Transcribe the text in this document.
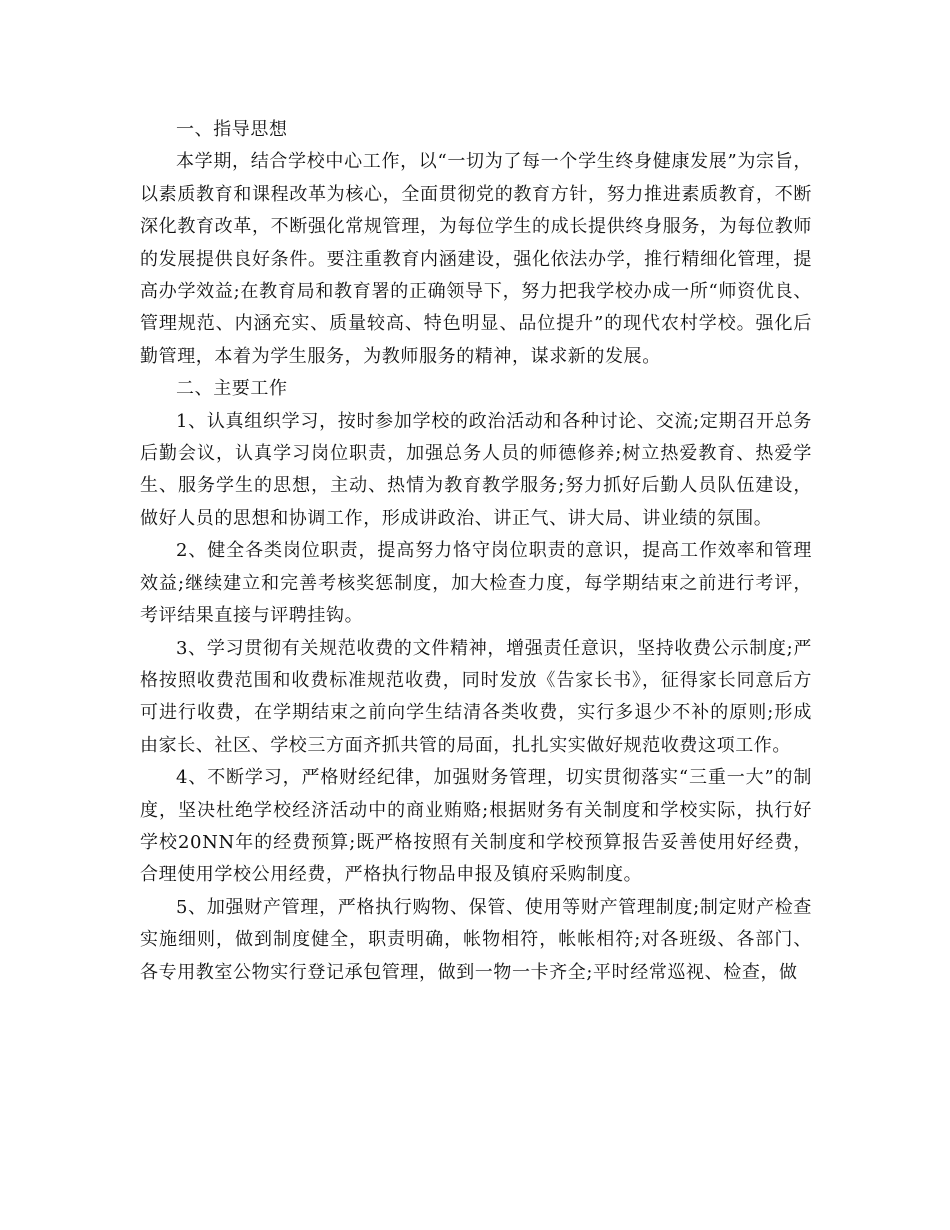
一、指导思想

本学期，结合学校中心工作，以“一切为了每一个学生终身健康发展”为宗旨，以素质教育和课程改革为核心，全面贯彻党的教育方针，努力推进素质教育，不断深化教育改革，不断强化常规管理，为每位学生的成长提供终身服务，为每位教师的发展提供良好条件。要注重教育内涵建设，强化依法办学，推行精细化管理，提高办学效益;在教育局和教育署的正确领导下，努力把我学校办成一所“师资优良、管理规范、内涵充实、质量较高、特色明显、品位提升”的现代农村学校。强化后勤管理，本着为学生服务，为教师服务的精神，谋求新的发展。

二、主要工作

1、认真组织学习，按时参加学校的政治活动和各种讨论、交流;定期召开总务后勤会议，认真学习岗位职责，加强总务人员的师德修养;树立热爱教育、热爱学生、服务学生的思想，主动、热情为教育教学服务;努力抓好后勤人员队伍建设，做好人员的思想和协调工作，形成讲政治、讲正气、讲大局、讲业绩的氛围。

2、健全各类岗位职责，提高努力恪守岗位职责的意识，提高工作效率和管理效益;继续建立和完善考核奖惩制度，加大检查力度，每学期结束之前进行考评，考评结果直接与评聘挂钩。

3、学习贯彻有关规范收费的文件精神，增强责任意识，坚持收费公示制度;严格按照收费范围和收费标准规范收费，同时发放《告家长书》，征得家长同意后方可进行收费，在学期结束之前向学生结清各类收费，实行多退少不补的原则;形成由家长、社区、学校三方面齐抓共管的局面，扎扎实实做好规范收费这项工作。

4、不断学习，严格财经纪律，加强财务管理，切实贯彻落实“三重一大”的制度，坚决杜绝学校经济活动中的商业贿赂;根据财务有关制度和学校实际，执行好学校20NN年的经费预算;既严格按照有关制度和学校预算报告妥善使用好经费，合理使用学校公用经费，严格执行物品申报及镇府采购制度。

5、加强财产管理，严格执行购物、保管、使用等财产管理制度;制定财产检查实施细则，做到制度健全，职责明确，帐物相符，帐帐相符;对各班级、各部门、各专用教室公物实行登记承包管理，做到一物一卡齐全;平时经常巡视、检查，做
